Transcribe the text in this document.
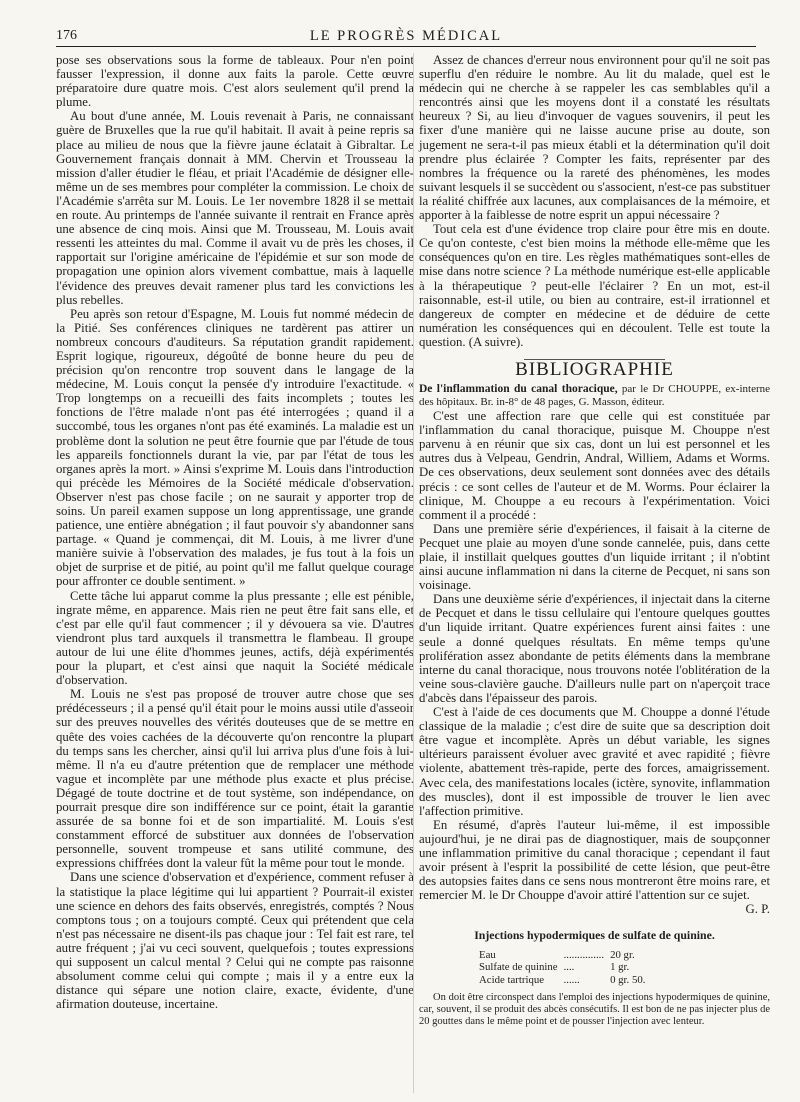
176	LE PROGRÈS MÉDICAL

pose ses observations sous la forme de tableaux. Pour n'en point fausser l'expression, il donne aux faits la parole. Cette œuvre préparatoire dure quatre mois. C'est alors seulement qu'il prend la plume.

Au bout d'une année, M. Louis revenait à Paris, ne connaissant guère de Bruxelles que la rue qu'il habitait. Il avait à peine repris sa place au milieu de nous que la fièvre jaune éclatait à Gibraltar. Le Gouvernement français donnait à MM. Chervin et Trousseau la mission d'aller étudier le fléau, et priait l'Académie de désigner elle-même un de ses membres pour compléter la commission. Le choix de l'Académie s'arrêta sur M. Louis. Le 1er novembre 1828 il se mettait en route. Au printemps de l'année suivante il rentrait en France après une absence de cinq mois. Ainsi que M. Trousseau, M. Louis avait ressenti les atteintes du mal. Comme il avait vu de près les choses, il rapportait sur l'origine américaine de l'épidémie et sur son mode de propagation une opinion alors vivement combattue, mais à laquelle l'évidence des preuves devait ramener plus tard les convictions les plus rebelles.

Peu après son retour d'Espagne, M. Louis fut nommé médecin de la Pitié. Ses conférences cliniques ne tardèrent pas attirer un nombreux concours d'auditeurs. Sa réputation grandit rapidement. Esprit logique, rigoureux, dégoûté de bonne heure du peu de précision qu'on rencontre trop souvent dans le langage de la médecine, M. Louis conçut la pensée d'y introduire l'exactitude. « Trop longtemps on a recueilli des faits incomplets ; toutes les fonctions de l'être malade n'ont pas été interrogées ; quand il a succombé, tous les organes n'ont pas été examinés. La maladie est un problème dont la solution ne peut être fournie que par l'étude de tous les appareils fonctionnels durant la vie, par par l'état de tous les organes après la mort. » Ainsi s'exprime M. Louis dans l'introduction qui précède les Mémoires de la Société médicale d'observation. Observer n'est pas chose facile ; on ne saurait y apporter trop de soins. Un pareil examen suppose un long apprentissage, une grande patience, une entière abnégation ; il faut pouvoir s'y abandonner sans partage. « Quand je commençai, dit M. Louis, à me livrer d'une manière suivie à l'observation des malades, je fus tout à la fois un objet de surprise et de pitié, au point qu'il me fallut quelque courage pour affronter ce double sentiment. »

Cette tâche lui apparut comme la plus pressante ; elle est pénible, ingrate même, en apparence. Mais rien ne peut être fait sans elle, et c'est par elle qu'il faut commencer ; il y dévouera sa vie. D'autres viendront plus tard auxquels il transmettra le flambeau. Il groupe autour de lui une élite d'hommes jeunes, actifs, déjà expérimentés pour la plupart, et c'est ainsi que naquit la Société médicale d'observation.

M. Louis ne s'est pas proposé de trouver autre chose que ses prédécesseurs ; il a pensé qu'il était pour le moins aussi utile d'asseoir sur des preuves nouvelles des vérités douteuses que de se mettre en quête des voies cachées de la découverte qu'on rencontre la plupart du temps sans les chercher, ainsi qu'il lui arriva plus d'une fois à lui-même. Il n'a eu d'autre prétention que de remplacer une méthode vague et incomplète par une méthode plus exacte et plus précise. Dégagé de toute doctrine et de tout système, son indépendance, on pourrait presque dire son indifférence sur ce point, était la garantie assurée de sa bonne foi et de son impartialité. M. Louis s'est constamment efforcé de substituer aux données de l'observation personnelle, souvent trompeuse et sans utilité commune, des expressions chiffrées dont la valeur fût la même pour tout le monde.

Dans une science d'observation et d'expérience, comment refuser à la statistique la place légitime qui lui appartient ? Pourrait-il exister une science en dehors des faits observés, enregistrés, comptés ? Nous comptons tous ; on a toujours compté. Ceux qui prétendent que cela n'est pas nécessaire ne disent-ils pas chaque jour : Tel fait est rare, tel autre fréquent ; j'ai vu ceci souvent, quelquefois ; toutes expressions qui supposent un calcul mental ? Celui qui ne compte pas raisonne absolument comme celui qui compte ; mais il y a entre eux la distance qui sépare une notion claire, exacte, évidente, d'une afirmation douteuse, incertaine.

Assez de chances d'erreur nous environnent pour qu'il ne soit pas superflu d'en réduire le nombre. Au lit du malade, quel est le médecin qui ne cherche à se rappeler les cas semblables qu'il a rencontrés ainsi que les moyens dont il a constaté les résultats heureux ? Si, au lieu d'invoquer de vagues souvenirs, il peut les fixer d'une manière qui ne laisse aucune prise au doute, son jugement ne sera-t-il pas mieux établi et la détermination qu'il doit prendre plus éclairée ? Compter les faits, représenter par des nombres la fréquence ou la rareté des phénomènes, les modes suivant lesquels il se succèdent ou s'associent, n'est-ce pas substituer la réalité chiffrée aux lacunes, aux complaisances de la mémoire, et apporter à la faiblesse de notre esprit un appui nécessaire ?

Tout cela est d'une évidence trop claire pour être mis en doute. Ce qu'on conteste, c'est bien moins la méthode elle-même que les conséquences qu'on en tire. Les règles mathématiques sont-elles de mise dans notre science ? La méthode numérique est-elle applicable à la thérapeutique ? peut-elle l'éclairer ? En un mot, est-il raisonnable, est-il utile, ou bien au contraire, est-il irrationnel et dangereux de compter en médecine et de déduire de cette numération les conséquences qui en découlent. Telle est toute la question. (A suivre).

BIBLIOGRAPHIE

De l'inflammation du canal thoracique, par le Dr CHOUPPE, ex-interne des hôpitaux. Br. in-8° de 48 pages, G. Masson, éditeur.

C'est une affection rare que celle qui est constituée par l'inflammation du canal thoracique, puisque M. Chouppe n'est parvenu à en réunir que six cas, dont un lui est personnel et les autres dus à Velpeau, Gendrin, Andral, Williem, Adams et Worms. De ces observations, deux seulement sont données avec des détails précis : ce sont celles de l'auteur et de M. Worms. Pour éclairer la clinique, M. Chouppe a eu recours à l'expérimentation. Voici comment il a procédé :

Dans une première série d'expériences, il faisait à la citerne de Pecquet une plaie au moyen d'une sonde cannelée, puis, dans cette plaie, il instillait quelques gouttes d'un liquide irritant ; il n'obtint ainsi aucune inflammation ni dans la citerne de Pecquet, ni sans son voisinage.

Dans une deuxième série d'expériences, il injectait dans la citerne de Pecquet et dans le tissu cellulaire qui l'entoure quelques gouttes d'un liquide irritant. Quatre expériences furent ainsi faites : une seule a donné quelques résultats. En même temps qu'une prolifération assez abondante de petits éléments dans la membrane interne du canal thoracique, nous trouvons notée l'oblitération de la veine sous-clavière gauche. D'ailleurs nulle part on n'aperçoit trace d'abcès dans l'épaisseur des parois.

C'est à l'aide de ces documents que M. Chouppe a donné l'étude classique de la maladie ; c'est dire de suite que sa description doit être vague et incomplète. Après un début variable, les signes ultérieurs paraissent évoluer avec gravité et avec rapidité ; fièvre violente, abattement très-rapide, perte des forces, amaigrissement. Avec cela, des manifestations locales (ictère, synovite, inflammation des muscles), dont il est impossible de trouver le lien avec l'affection primitive.

En résumé, d'après l'auteur lui-même, il est impossible aujourd'hui, je ne dirai pas de diagnostiquer, mais de soupçonner une inflammation primitive du canal thoracique ; cependant il faut avoir présent à l'esprit la possibilité de cette lésion, que peut-être des autopsies faites dans ce sens nous montreront être moins rare, et remercier M. le Dr Chouppe d'avoir attiré l'attention sur ce sujet.

G. P.
Injections hypodermiques de sulfate de quinine.
Eau	...............	20 gr.
Sulfate de quinine	....	1 gr.
Acide tartrique	......	0 gr. 50.

On doit être circonspect dans l'emploi des injections hypodermiques de quinine, car, souvent, il se produit des abcès consécutifs. Il est bon de ne pas injecter plus de 20 gouttes dans le même point et de pousser l'injection avec lenteur.
